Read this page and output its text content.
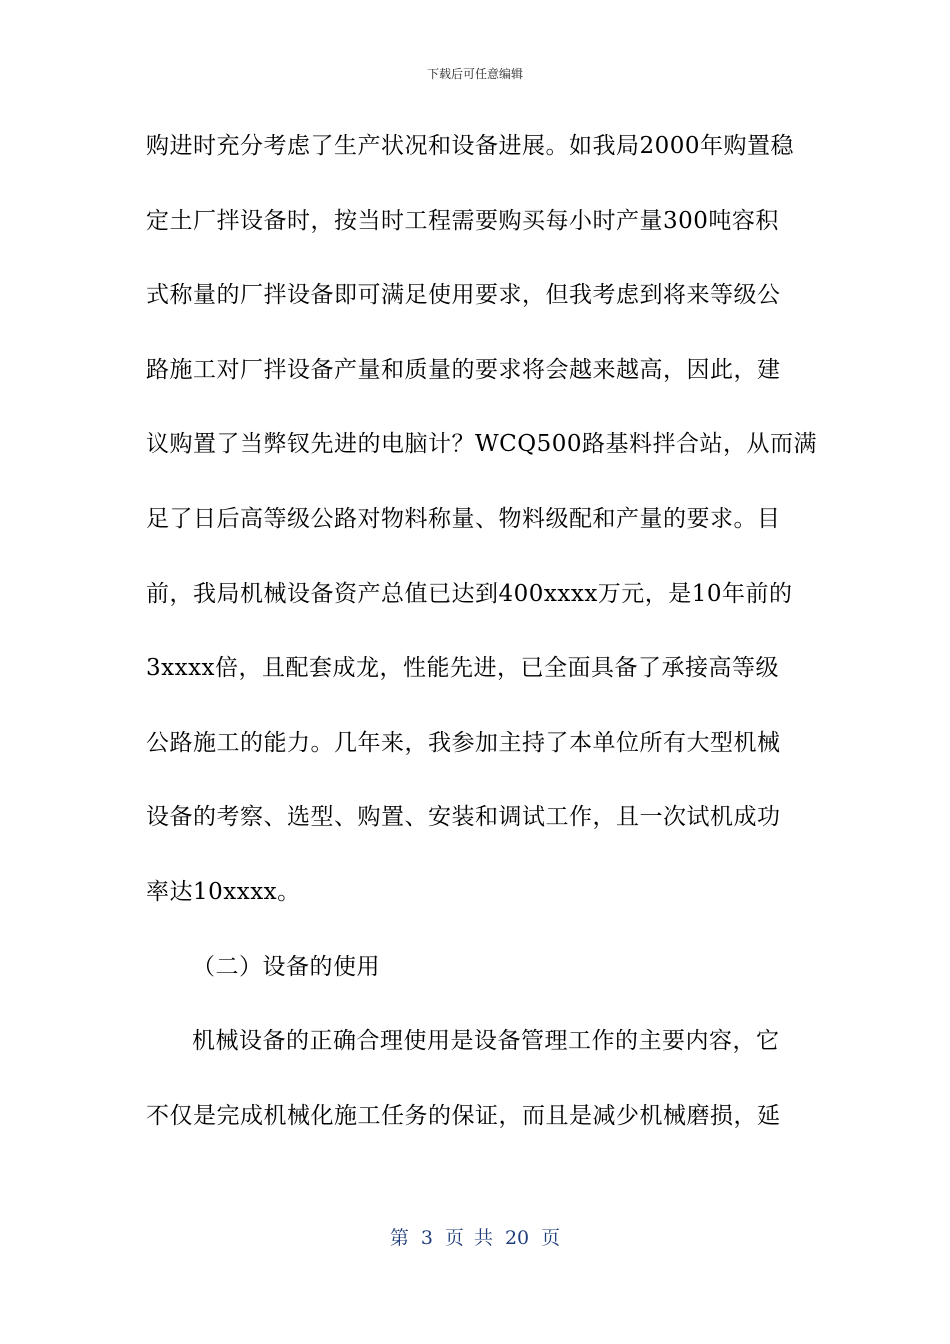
下载后可任意编辑
购进时充分考虑了生产状况和设备进展。如我局2000年购置稳
定土厂拌设备时，按当时工程需要购买每小时产量300吨容积
式称量的厂拌设备即可满足使用要求，但我考虑到将来等级公
路施工对厂拌设备产量和质量的要求将会越来越高，因此，建
议购置了当弊钗先进的电脑计？WCQ500路基料拌合站，从而满
足了日后高等级公路对物料称量、物料级配和产量的要求。目
前，我局机械设备资产总值已达到400xxxx万元，是10年前的
3xxxx倍，且配套成龙，性能先进，已全面具备了承接高等级
公路施工的能力。几年来，我参加主持了本单位所有大型机械
设备的考察、选型、购置、安装和调试工作，且一次试机成功
率达10xxxx。
（二）设备的使用
机械设备的正确合理使用是设备管理工作的主要内容，它
不仅是完成机械化施工任务的保证，而且是减少机械磨损，延
第 3 页 共 20 页
